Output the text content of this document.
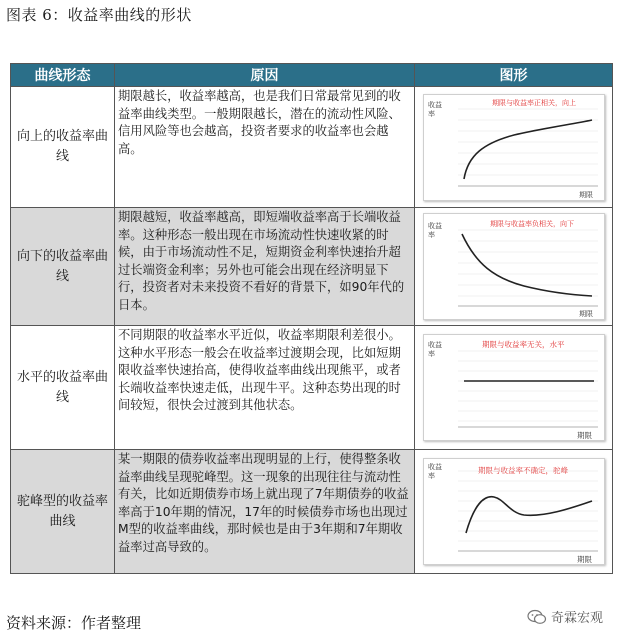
图表 6：收益率曲线的形状
曲线形态	原因	图形
向上的收益率曲线	期限越长，收益率越高，也是我们日常最常见到的收益率曲线类型。一般期限越长，潜在的流动性风险、信用风险等也会越高，投资者要求的收益率也会越高。	期限与收益率正相关，向上
收益率
期限

向下的收益率曲线	期限越短，收益率越高，即短端收益率高于长端收益率。这种形态一般出现在市场流动性快速收紧的时候，由于市场流动性不足，短期资金利率快速抬升超过长端资金利率；另外也可能会出现在经济明显下行，投资者对未来投资不看好的背景下，如90年代的日本。	期限与收益率负相关，向下
收益率
期限

水平的收益率曲线	不同期限的收益率水平近似，收益率期限利差很小。这种水平形态一般会在收益率过渡期会现，比如短期限收益率快速抬高，使得收益率曲线出现熊平，或者长端收益率快速走低，出现牛平。这种态势出现的时间较短，很快会过渡到其他状态。	期限与收益率无关，水平
收益率
期限

驼峰型的收益率曲线	某一期限的债券收益率出现明显的上行，使得整条收益率曲线呈现驼峰型。这一现象的出现往往与流动性有关，比如近期债券市场上就出现了7年期债券的收益率高于10年期的情况，17年的时候债券市场也出现过M型的收益率曲线，那时候也是由于3年期和7年期收益率过高导致的。	期限与收益率不确定，驼峰
收益率
期限
资料来源：作者整理	奇霖宏观
